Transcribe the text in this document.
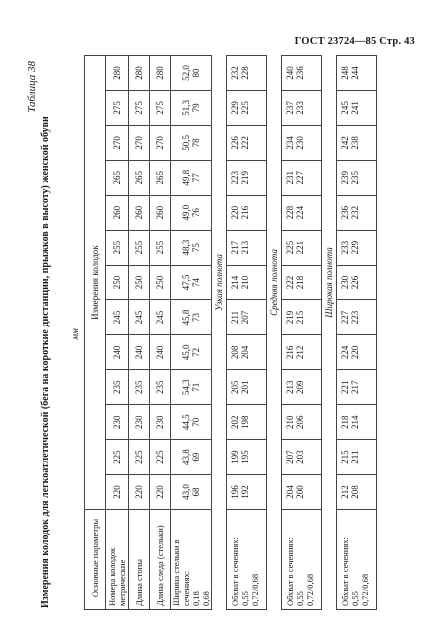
ГОСТ 23724—85 Стр. 43
Таблица 38
Измерения колодок для легкоатлетической (бега на короткие дистанции, прыжков в высоту) женской обуви мм
Основные параметры	Измерения колодок												
Номера колодок метрические	220	225	230	235	240	245	250	255	260	265	270	275	280
Длина стопы	220	225	230	235	240	245	250	255	260	265	270	275	280
Длина следа (стельки)	220	225	230	235	240	245	250	255	260	265	270	275	280

Ширина стельки в сечениях: 0,18 0,68	43,0 68	43,8 69	44,5 70	54,3 71	45,0 72	45,8 73	47,5 74	48,3 75	49,0 76	49,8 77	50,5 78	51,3 79	52,0 80

	Узкая полнота												

Обхват в сечениях: 0,55 0,72/0,68	196 192	199 195	202 198	205 201	208 204	211 207	214 210	217 213	220 216	223 219	226 222	229 225	232 228

	Средняя полнота												

Обхват в сечениях: 0,55 0,72/0,68	204 200	207 203	210 206	213 209	216 212	219 215	222 218	225 221	228 224	231 227	234 230	237 233	240 236

	Широкая полнота												

Обхват в сечениях: 0,55 0,72/0,68	212 208	215 211	218 214	221 217	224 220	227 223	230 226	233 229	236 232	239 235	242 238	245 241	248 244
